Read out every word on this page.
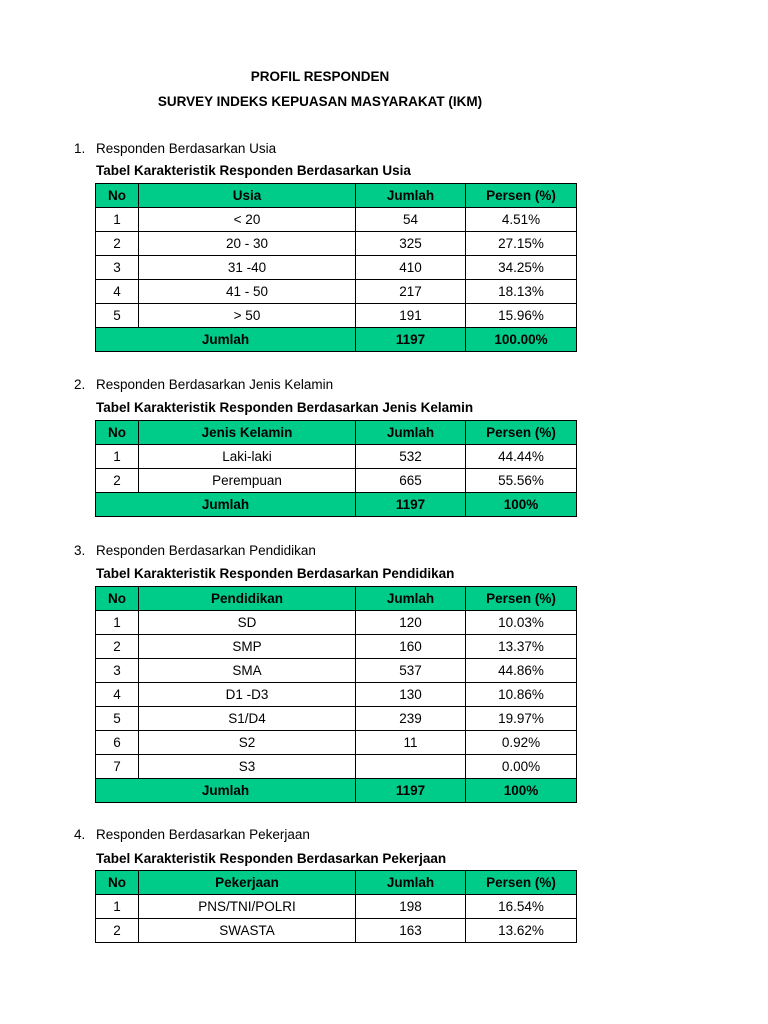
PROFIL RESPONDEN
SURVEY INDEKS KEPUASAN MASYARAKAT (IKM)
1. Responden Berdasarkan Usia
Tabel Karakteristik Responden Berdasarkan Usia
No	Usia	Jumlah	Persen (%)
1	< 20	54	4.51%
2	20 - 30	325	27.15%
3	31 -40	410	34.25%
4	41 - 50	217	18.13%
5	> 50	191	15.96%
Jumlah		1197	100.00%
2. Responden Berdasarkan Jenis Kelamin
Tabel Karakteristik Responden Berdasarkan Jenis Kelamin
No	Jenis Kelamin	Jumlah	Persen (%)
1	Laki-laki	532	44.44%
2	Perempuan	665	55.56%
Jumlah		1197	100%
3. Responden Berdasarkan Pendidikan
Tabel Karakteristik Responden Berdasarkan Pendidikan
No	Pendidikan	Jumlah	Persen (%)
1	SD	120	10.03%
2	SMP	160	13.37%
3	SMA	537	44.86%
4	D1 -D3	130	10.86%
5	S1/D4	239	19.97%
6	S2	11	0.92%
7	S3		0.00%
Jumlah		1197	100%
4. Responden Berdasarkan Pekerjaan
Tabel Karakteristik Responden Berdasarkan Pekerjaan
No	Pekerjaan	Jumlah	Persen (%)
1	PNS/TNI/POLRI	198	16.54%
2	SWASTA	163	13.62%
